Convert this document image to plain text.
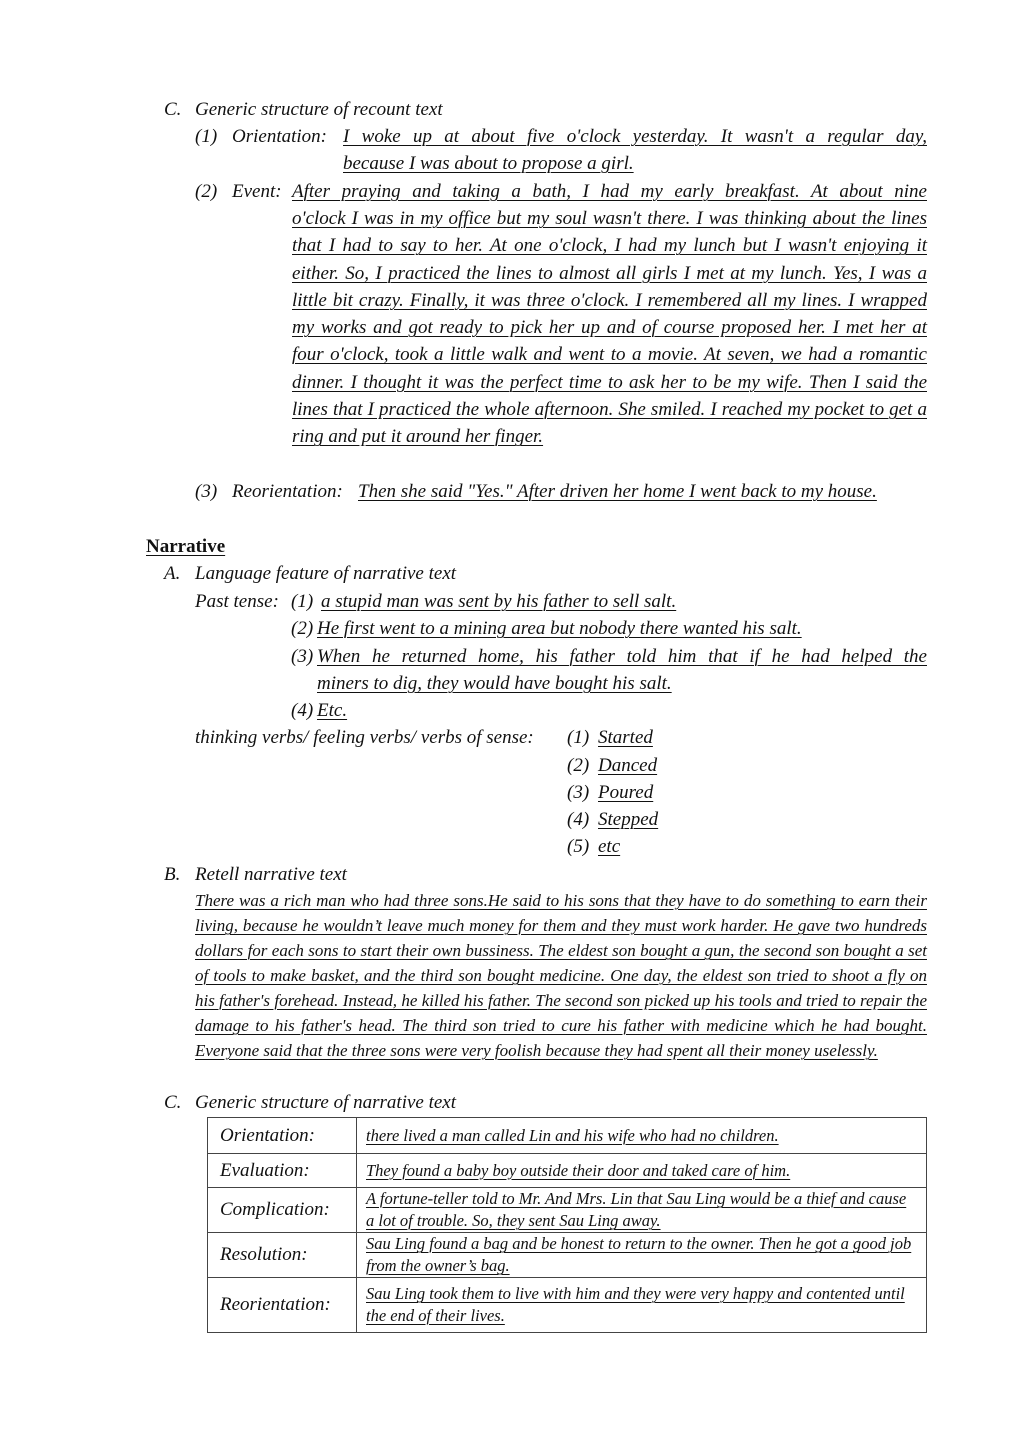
C. Generic structure of recount text
(1) Orientation: I woke up at about five o'clock yesterday. It wasn't a regular day,
because I was about to propose a girl.
(2) Event: After praying and taking a bath, I had my early breakfast. At about nine
o'clock I was in my office but my soul wasn't there. I was thinking about the lines that I had to say to her. At one o'clock, I had my lunch but I wasn't enjoying it either. So, I practiced the lines to almost all girls I met at my lunch. Yes, I was a little bit crazy. Finally, it was three o'clock. I remembered all my lines. I wrapped my works and got ready to pick her up and of course proposed her. I met her at four o'clock, took a little walk and went to a movie. At seven, we had a romantic dinner. I thought it was the perfect time to ask her to be my wife. Then I said the lines that I practiced the whole afternoon. She smiled. I reached my pocket to get a ring and put it around her finger.
(3) Reorientation: Then she said "Yes." After driven her home I went back to my house.
Narrative
A. Language feature of narrative text
Past tense: (1) a stupid man was sent by his father to sell salt.
(2) He first went to a mining area but nobody there wanted his salt.
(3) When he returned home, his father told him that if he had helped the
miners to dig, they would have bought his salt.
(4) Etc.
thinking verbs/ feeling verbs/ verbs of sense: (1) Started
(2) Danced
(3) Poured
(4) Stepped
(5) etc
B. Retell narrative text
There was a rich man who had three sons.He said to his sons that they have to do something to earn their living, because he wouldn’t leave much money for them and they must work harder. He gave two hundreds dollars for each sons to start their own bussiness. The eldest son bought a gun, the second son bought a set of tools to make basket, and the third son bought medicine. One day, the eldest son tried to shoot a fly on his father's forehead. Instead, he killed his father. The second son picked up his tools and tried to repair the damage to his father's head. The third son tried to cure his father with medicine which he had bought. Everyone said that the three sons were very foolish because they had spent all their money uselessly.
C. Generic structure of narrative text
Orientation:	there lived a man called Lin and his wife who had no children.
Evaluation:	They found a baby boy outside their door and taked care of him.
Complication:	A fortune-teller told to Mr. And Mrs. Lin that Sau Ling would be a thief and cause a lot of trouble. So, they sent Sau Ling away.
Resolution:	Sau Ling found a bag and be honest to return to the owner. Then he got a good job from the owner’s bag.
Reorientation:	Sau Ling took them to live with him and they were very happy and contented until the end of their lives.
